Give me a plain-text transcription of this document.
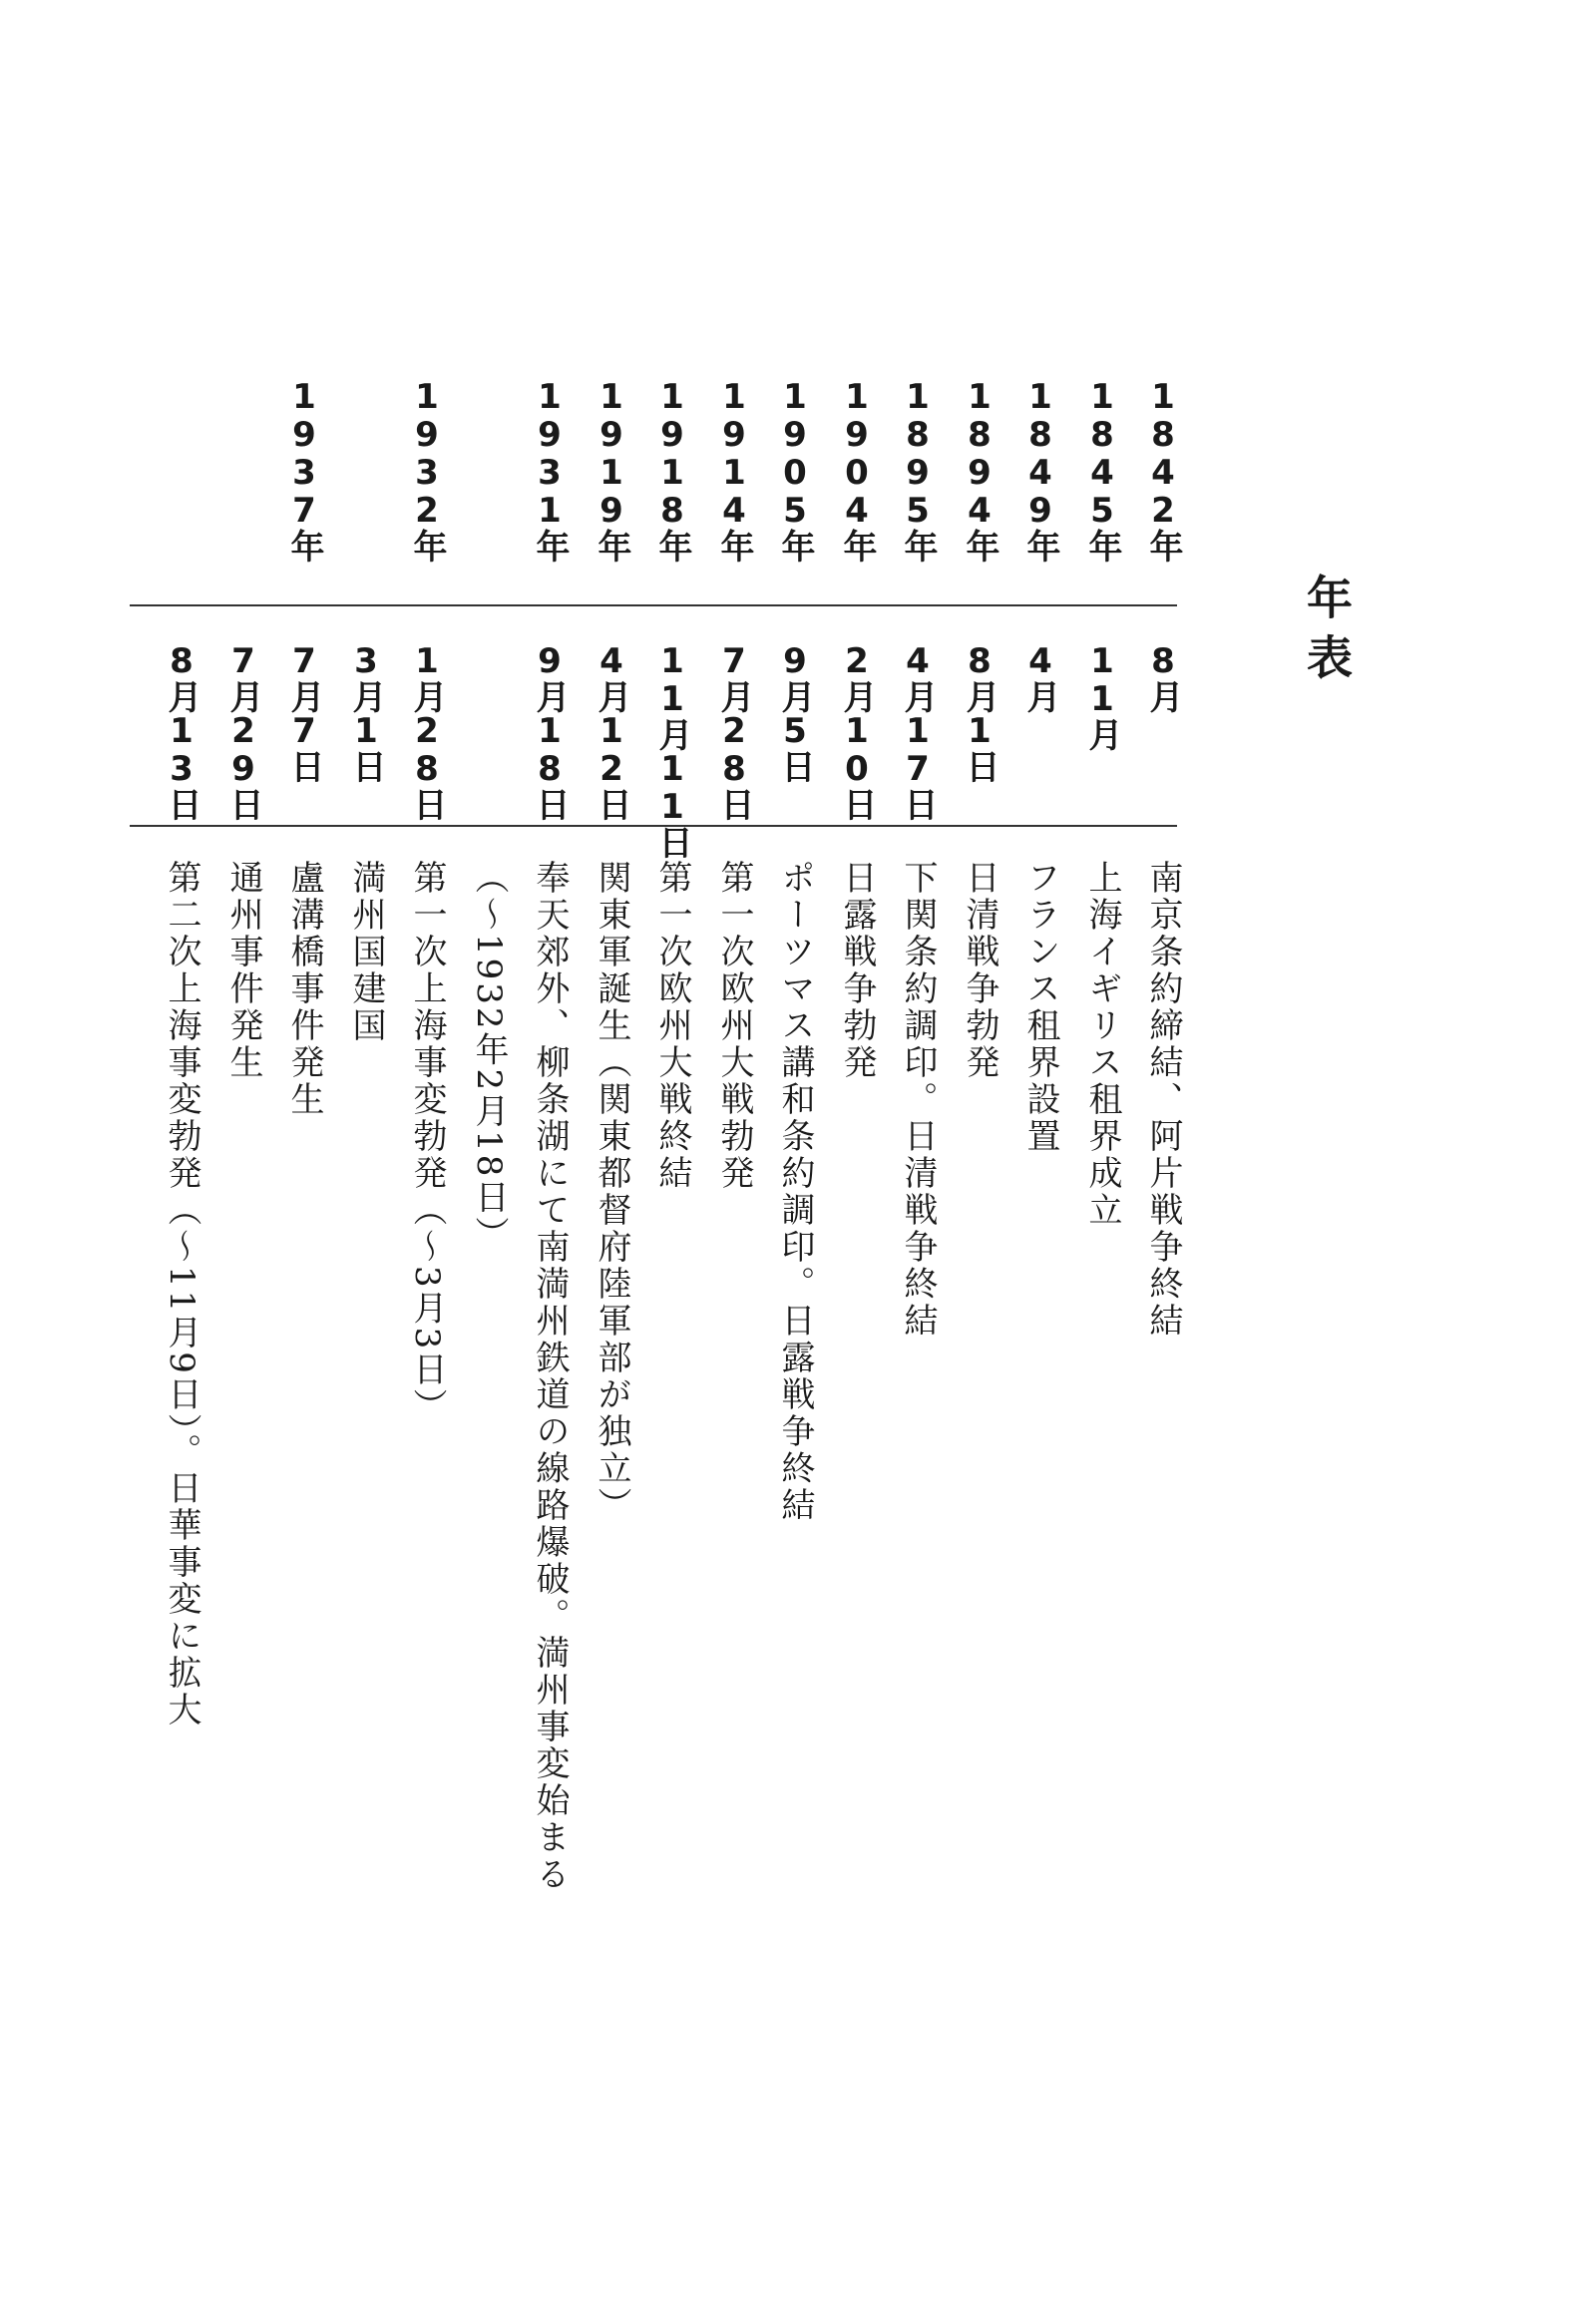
年表
1842年
8月
南京条約締結、阿片戦争終結
1845年
11月
上海イギリス租界成立
1849年
4月
フランス租界設置
1894年
8月1日
日清戦争勃発
1895年
4月17日
下関条約調印。日清戦争終結
1904年
2月10日
日露戦争勃発
1905年
9月5日
ポーツマス講和条約調印。日露戦争終結
1914年
7月28日
第一次欧州大戦勃発
1918年
11月11日
第一次欧州大戦終結
1919年
4月12日
関東軍誕生（関東都督府陸軍部が独立）
1931年
9月18日
奉天郊外、柳条湖にて南満州鉄道の線路爆破。満州事変始まる
（～1932年2月18日）
1932年
1月28日
第一次上海事変勃発（～3月3日）
3月1日
満州国建国
1937年
7月7日
盧溝橋事件発生
7月29日
通州事件発生
8月13日
第二次上海事変勃発（～11月9日）。日華事変に拡大
